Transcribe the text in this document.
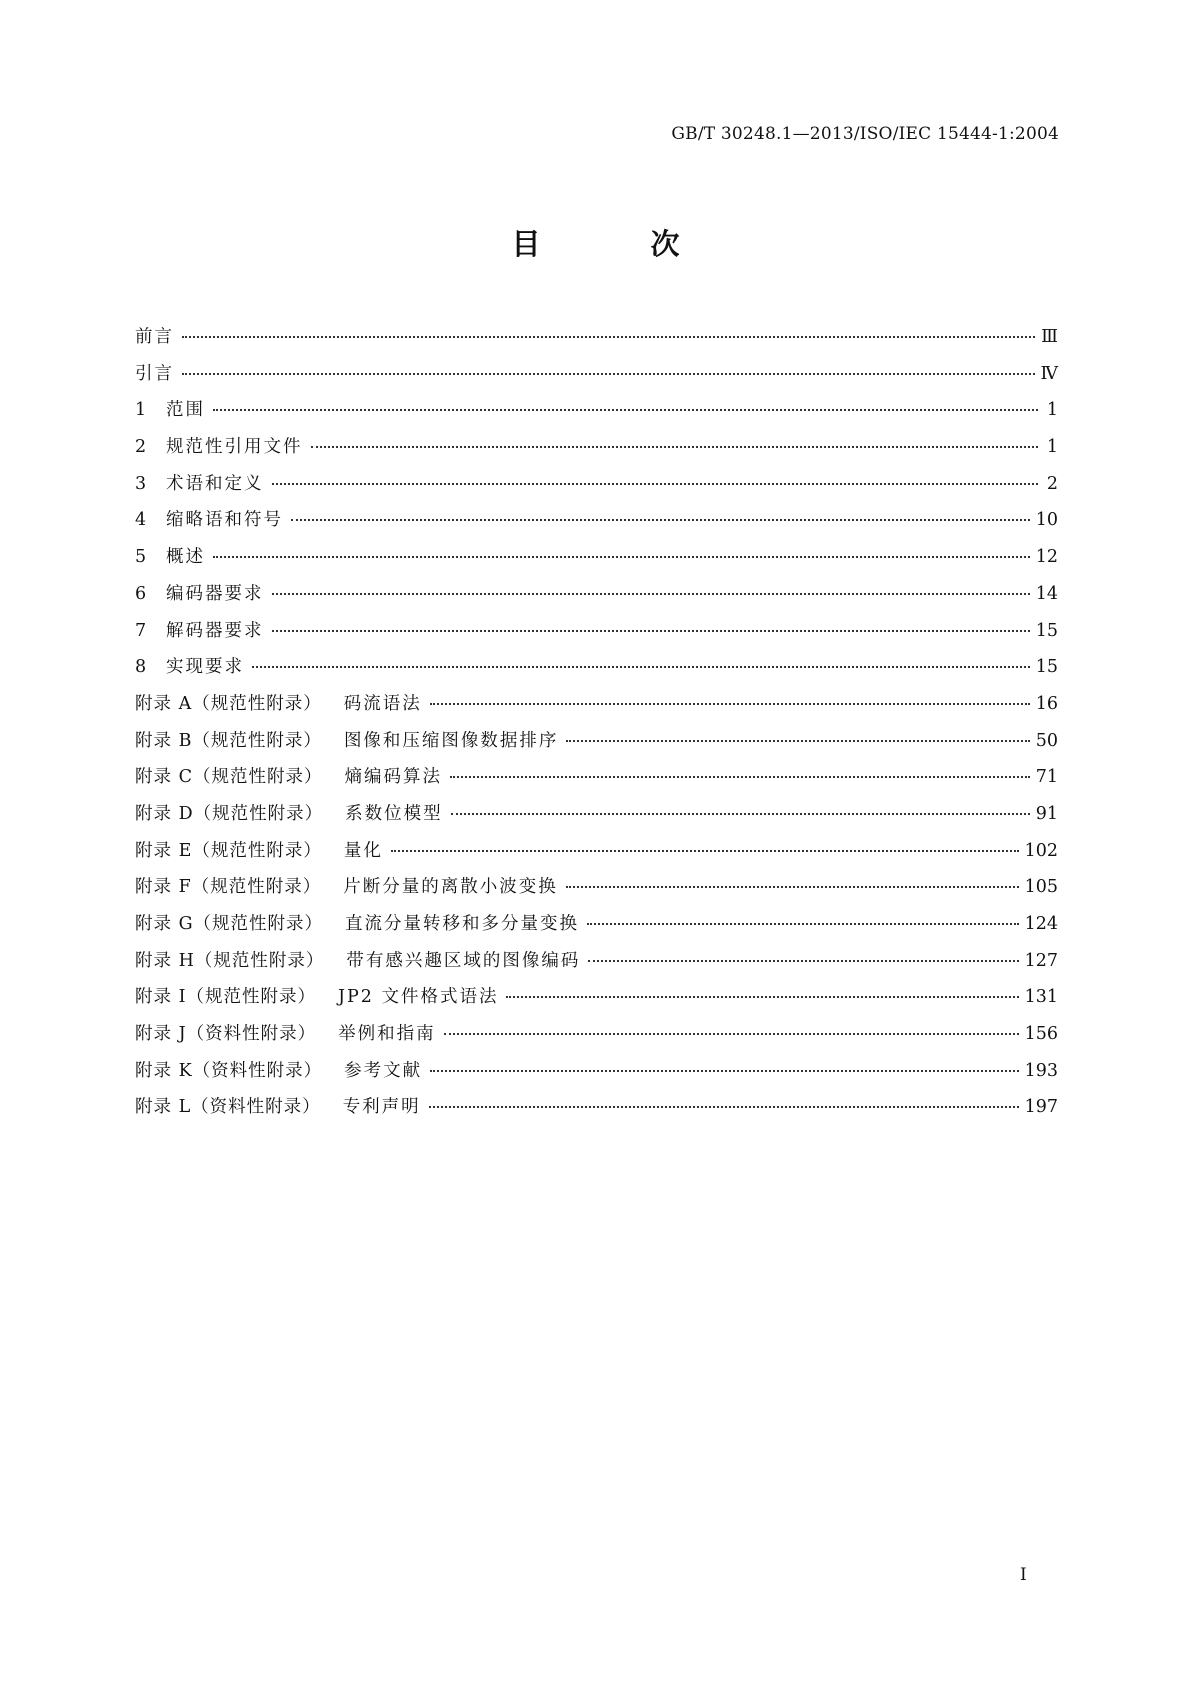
GB/T 30248.1—2013/ISO/IEC 15444-1:2004
目 次
前言	Ⅲ
引言	Ⅳ
1	范围	1
2	规范性引用文件	1
3	术语和定义	2
4	缩略语和符号	10
5	概述	12
6	编码器要求	14
7	解码器要求	15
8	实现要求	15
附录 A（规范性附录） 码流语法	16
附录 B（规范性附录） 图像和压缩图像数据排序	50
附录 C（规范性附录） 熵编码算法	71
附录 D（规范性附录） 系数位模型	91
附录 E（规范性附录） 量化	102
附录 F（规范性附录） 片断分量的离散小波变换	105
附录 G（规范性附录） 直流分量转移和多分量变换	124
附录 H（规范性附录） 带有感兴趣区域的图像编码	127
附录 I（规范性附录） JP2 文件格式语法	131
附录 J（资料性附录） 举例和指南	156
附录 K（资料性附录） 参考文献	193
附录 L（资料性附录） 专利声明	197
I
